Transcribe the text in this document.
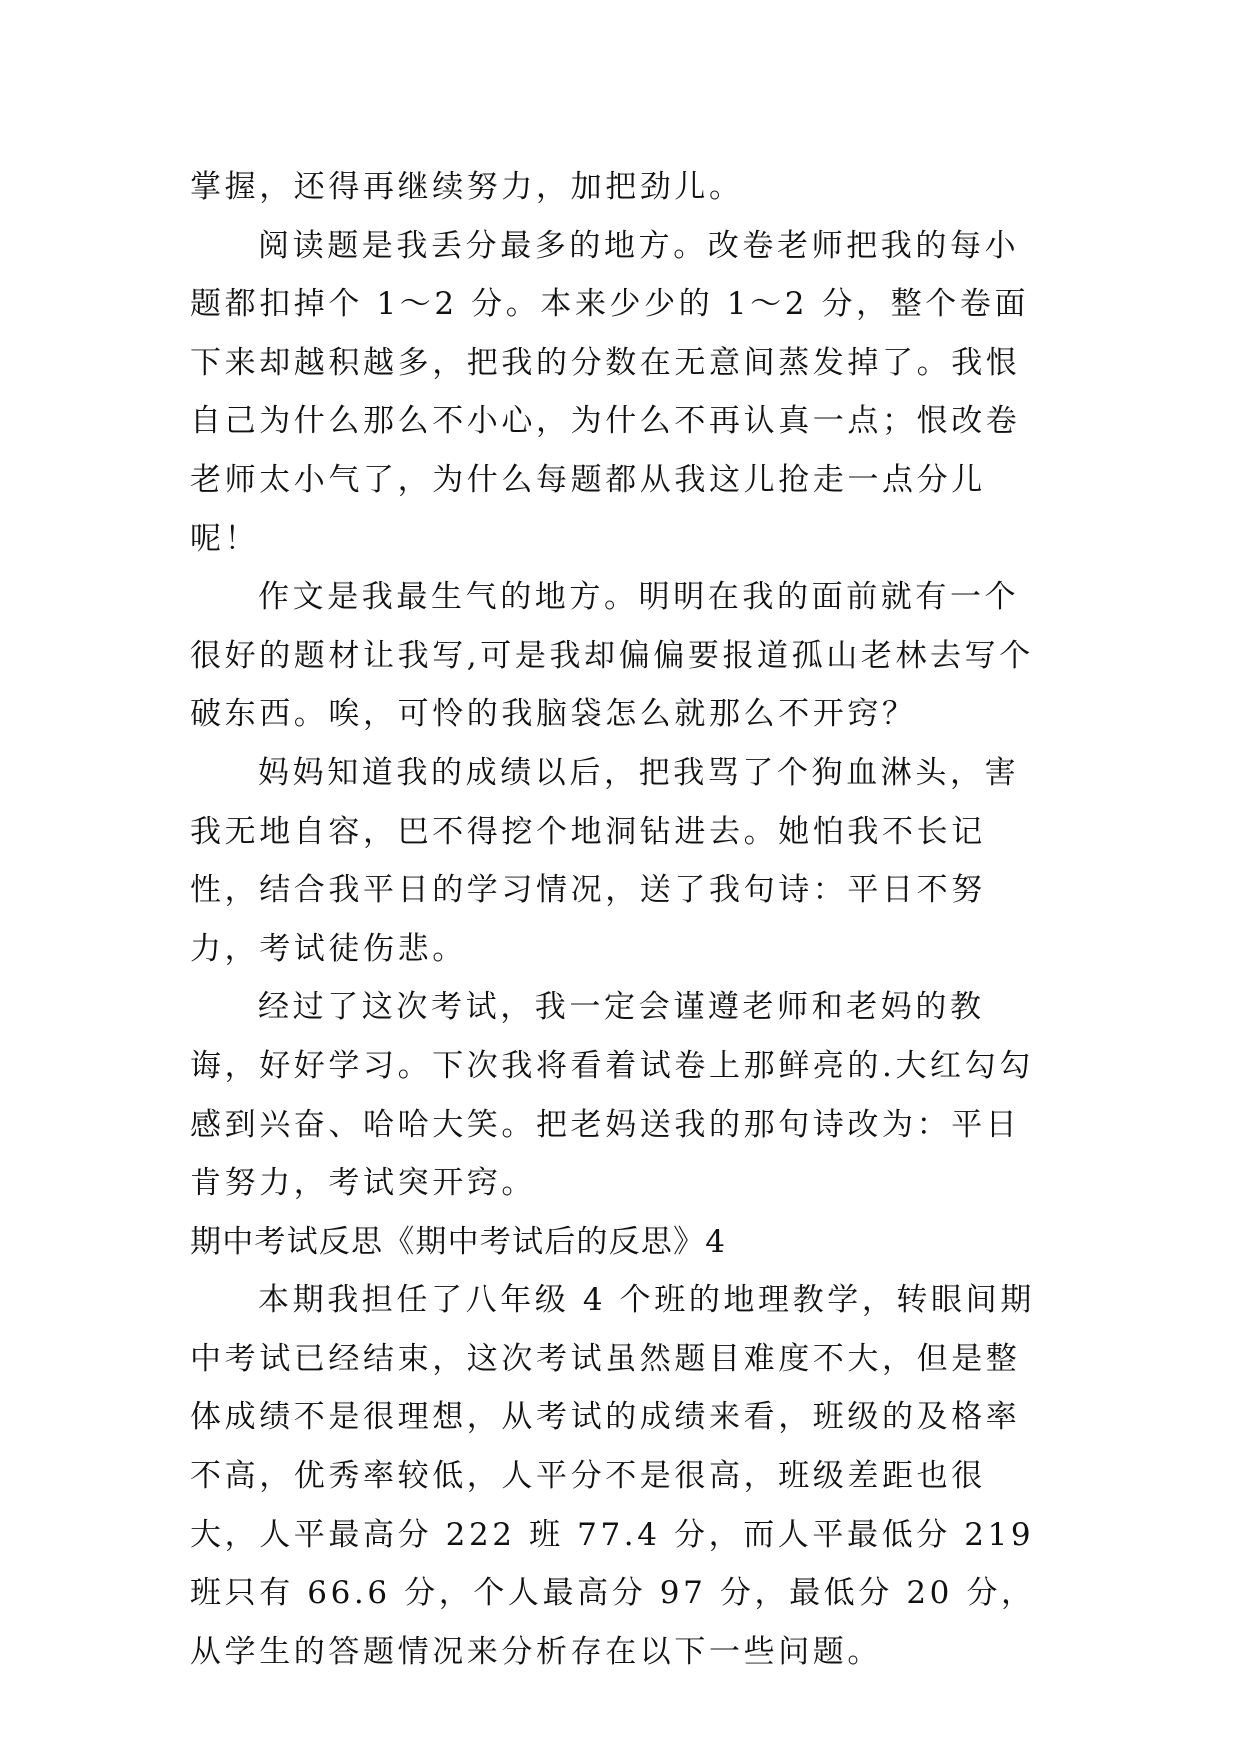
掌握，还得再继续努力，加把劲儿。

阅读题是我丢分最多的地方。改卷老师把我的每小题都扣掉个 1～2 分。本来少少的 1～2 分，整个卷面下来却越积越多，把我的分数在无意间蒸发掉了。我恨自己为什么那么不小心，为什么不再认真一点；恨改卷老师太小气了，为什么每题都从我这儿抢走一点分儿呢！

作文是我最生气的地方。明明在我的面前就有一个很好的题材让我写,可是我却偏偏要报道孤山老林去写个破东西。唉，可怜的我脑袋怎么就那么不开窍？

妈妈知道我的成绩以后，把我骂了个狗血淋头，害我无地自容，巴不得挖个地洞钻进去。她怕我不长记性，结合我平日的学习情况，送了我句诗：平日不努力，考试徒伤悲。

经过了这次考试，我一定会谨遵老师和老妈的教诲，好好学习。下次我将看着试卷上那鲜亮的.大红勾勾感到兴奋、哈哈大笑。把老妈送我的那句诗改为：平日肯努力，考试突开窍。

期中考试反思《期中考试后的反思》4

本期我担任了八年级 4 个班的地理教学，转眼间期中考试已经结束，这次考试虽然题目难度不大，但是整体成绩不是很理想，从考试的成绩来看，班级的及格率不高，优秀率较低，人平分不是很高，班级差距也很大，人平最高分 222 班 77.4 分，而人平最低分 219 班只有 66.6 分，个人最高分 97 分，最低分 20 分，从学生的答题情况来分析存在以下一些问题。
